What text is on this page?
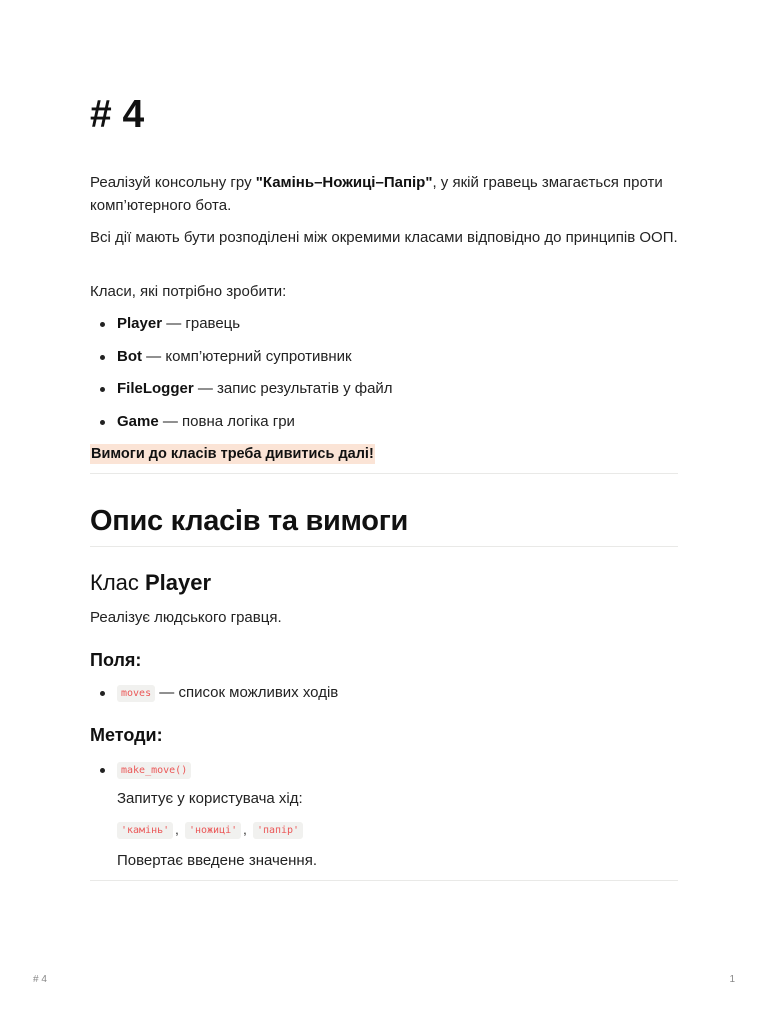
# 4

Реалізуй консольну гру "Камінь–Ножиці–Папір", у якій гравець змагається проти комп’ютерного бота.

Всі дії мають бути розподілені між окремими класами відповідно до принципів ООП.

Класи, які потрібно зробити:

Player — гравець
Bot — комп’ютерний супротивник
FileLogger — запис результатів у файл
Game — повна логіка гри
Вимоги до класів треба дивитись далі!
Опис класів та вимоги
Клас Player

Реалізує людського гравця.

Поля:
moves — список можливих ходів
Методи:
make_move()
Запитує у користувача хід:
'камінь' , 'ножиці' , 'папір'
Повертає введене значення.
# 4	1
